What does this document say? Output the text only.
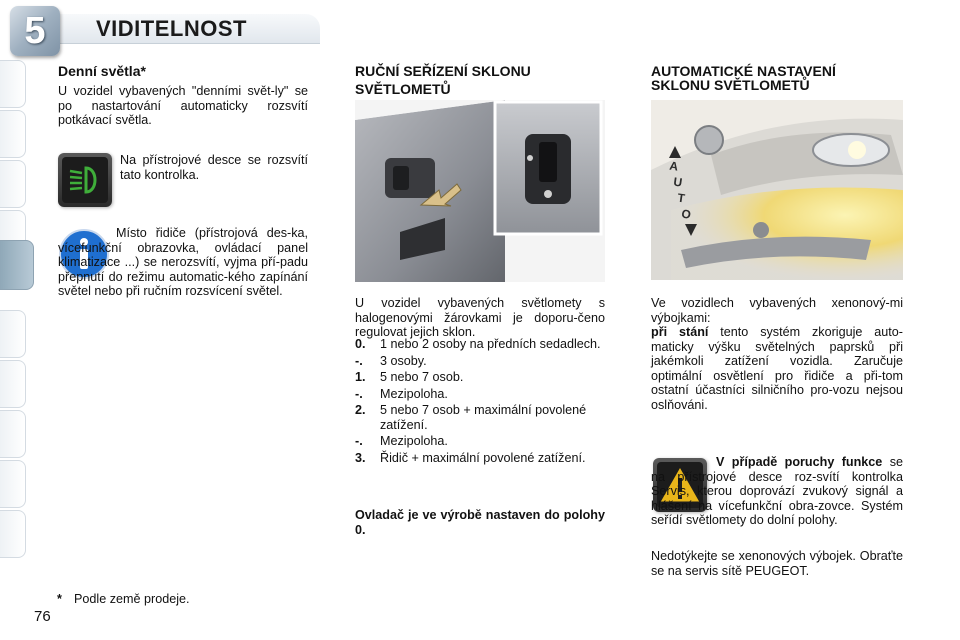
5	VIDITELNOST
Denní světla*
U vozidel vybavených "denními svět-ly" se po nastartování automaticky rozsvítí potkávací světla.
Na přístrojové desce se rozsvítí tato kontrolka.
Místo řidiče (přístrojová des-ka, vícefunkční obrazovka, ovládací panel klimatizace ...) se nerozsvítí, vyjma pří-padu přepnutí do režimu automatic-kého zapínání světel nebo při ručním rozsvícení světel.
* Podle země prodeje.
RUČNÍ SEŘÍZENÍ SKLONU
SVĚTLOMETŮ
U vozidel vybavených světlomety s halogenovými žárovkami je doporu-čeno regulovat jejich sklon.
0.	1 nebo 2 osoby na předních sedadlech.
-.	3 osoby.
1.	5 nebo 7 osob.
-.	Mezipoloha.
2.	5 nebo 7 osob + maximální povolené zatížení.
-.	Mezipoloha.
3.	Řidič + maximální povolené zatížení.
Ovladač je ve výrobě nastaven do polohy 0.
AUTOMATICKÉ NASTAVENÍ
SKLONU SVĚTLOMETŮ
A
U
T
O
Ve vozidlech vybavených xenonový-mi výbojkami:
při stání tento systém zkoriguje auto-maticky výšku světelných paprsků při jakémkoli zatížení vozidla. Zaručuje optimální osvětlení pro řidiče a při-tom ostatní účastníci silničního pro-vozu nejsou oslňováni.
V případě poruchy funkce se na přístrojové desce roz-svítí kontrolka Servis, kterou doprovází zvukový signál a hlášení na vícefunkční obra-zovce. Systém seřídí světlomety do dolní polohy.
Nedotýkejte se xenonových výbojek. Obraťte se na servis sítě PEUGEOT.
76
